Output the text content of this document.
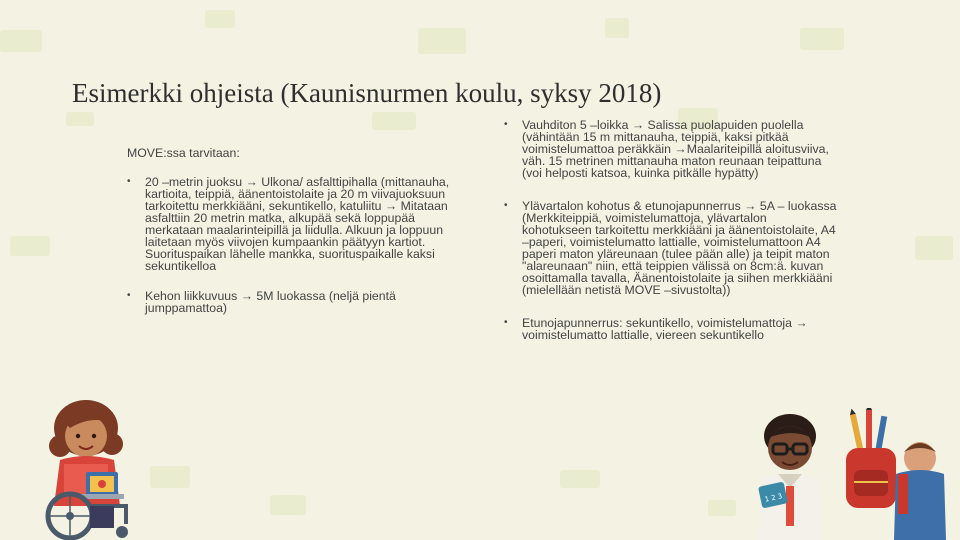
Esimerkki ohjeista (Kaunisnurmen koulu, syksy 2018)

MOVE:ssa tarvitaan:

• 20 –metrin juoksu → Ulkona/ asfalttipihalla (mittanauha, kartioita, teippiä, äänentoistolaite ja 20 m viivajuoksuun tarkoitettu merkkiääni, sekuntikello, katuliitu → Mitataan asfalttiin 20 metrin matka, alkupää sekä loppupää merkataan maalarinteipillä ja liidulla. Alkuun ja loppuun laitetaan myös viivojen kumpaankin päätyyn kartiot. Suorituspaikan lähelle mankka, suorituspaikalle kaksi sekuntikelloa
• Kehon liikkuvuus → 5M luokassa (neljä pientä jumppamattoa)
• Vauhditon 5 –loikka → Salissa puolapuiden puolella (vähintään 15 m mittanauha, teippiä, kaksi pitkää voimistelumattoa peräkkäin →Maalariteipillä aloitusviiva, väh. 15 metrinen mittanauha maton reunaan teipattuna (voi helposti katsoa, kuinka pitkälle hypätty)
• Ylävartalon kohotus & etunojapunnerrus → 5A – luokassa (Merkkiteippiä, voimistelumattoja, ylävartalon kohotukseen tarkoitettu merkkiääni ja äänentoistolaite, A4 –paperi, voimistelumatto lattialle, voimistelumattoon A4 paperi maton yläreunaan (tulee pään alle) ja teipit maton "alareunaan" niin, että teippien välissä on 8cm:ä. kuvan osoittamalla tavalla, Äänentoistolaite ja siihen merkkiääni (mielellään netistä MOVE –sivustolta))
• Etunojapunnerrus: sekuntikello, voimistelumattoja → voimistelumatto lattialle, viereen sekuntikello
1 2 3
